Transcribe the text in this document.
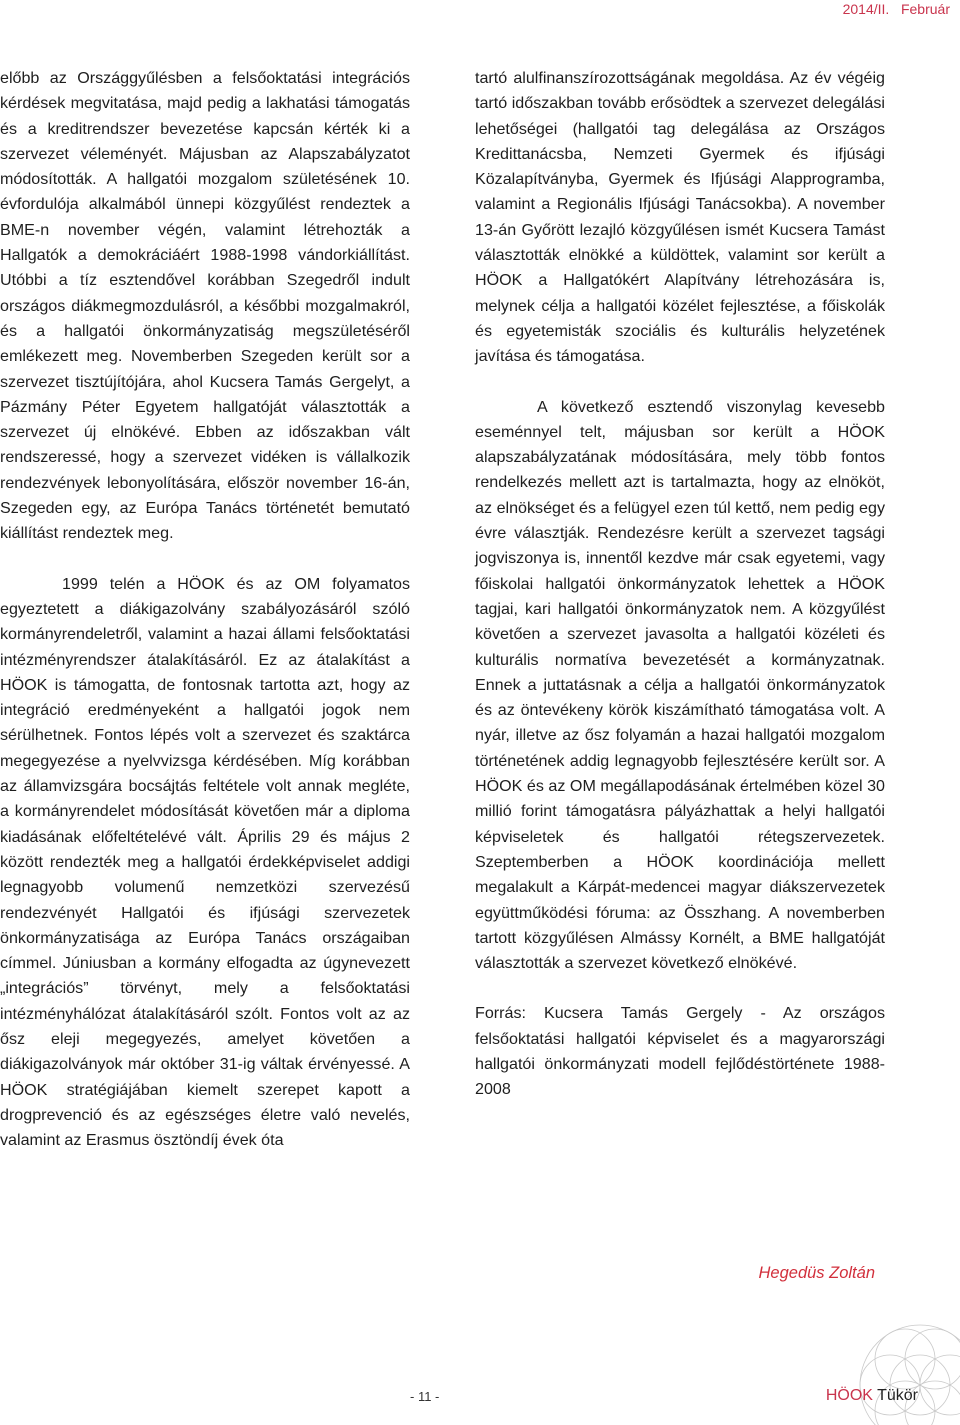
2014/II. Február

előbb az Országgyűlésben a felsőoktatási integrációs kérdések megvitatása, majd pedig a lakhatási támogatás és a kreditrendszer bevezetése kapcsán kérték ki a szervezet véleményét. Májusban az Alapszabályzatot módosították. A hallgatói mozgalom születésének 10. évfordulója alkalmából ünnepi közgyűlést rendeztek a BME-n november végén, valamint létrehozták a Hallgatók a demokráciáért 1988-1998 vándorkiállítást. Utóbbi a tíz esztendővel korábban Szegedről indult országos diákmegmozdulásról, a későbbi mozgalmakról, és a hallgatói önkormányzatiság megszületéséről emlékezett meg. Novemberben Szegeden került sor a szervezet tisztújítójára, ahol Kucsera Tamás Gergelyt, a Pázmány Péter Egyetem hallgatóját választották a szervezet új elnökévé. Ebben az időszakban vált rendszeressé, hogy a szervezet vidéken is vállalkozik rendezvények lebonyolítására, először november 16-án, Szegeden egy, az Európa Tanács történetét bemutató kiállítást rendeztek meg.

1999 telén a HÖOK és az OM folyamatos egyeztetett a diákigazolvány szabályozásáról szóló kormányrendeletről, valamint a hazai állami felsőoktatási intézményrendszer átalakításáról. Ez az átalakítást a HÖOK is támogatta, de fontosnak tartotta azt, hogy az integráció eredményeként a hallgatói jogok nem sérülhetnek. Fontos lépés volt a szervezet és szaktárca megegyezése a nyelvvizsga kérdésében. Míg korábban az államvizsgára bocsájtás feltétele volt annak megléte, a kormányrendelet módosítását követően már a diploma kiadásának előfeltételévé vált. Április 29 és május 2 között rendezték meg a hallgatói érdekképviselet addigi legnagyobb volumenű nemzetközi szervezésű rendezvényét Hallgatói és ifjúsági szervezetek önkormányzatisága az Európa Tanács országaiban címmel. Júniusban a kormány elfogadta az úgynevezett „integrációs” törvényt, mely a felsőoktatási intézményhálózat átalakításáról szólt. Fontos volt az az ősz eleji megegyezés, amelyet követően a diákigazolványok már október 31-ig váltak érvényessé. A HÖOK stratégiájában kiemelt szerepet kapott a drogprevenció és az egészséges életre való nevelés, valamint az Erasmus ösztöndíj évek óta

tartó alulfinanszírozottságának megoldása. Az év végéig tartó időszakban tovább erősödtek a szervezet delegálási lehetőségei (hallgatói tag delegálása az Országos Kredittanácsba, Nemzeti Gyermek és ifjúsági Közalapítványba, Gyermek és Ifjúsági Alapprogramba, valamint a Regionális Ifjúsági Tanácsokba). A november 13-án Győrött lezajló közgyűlésen ismét Kucsera Tamást választották elnökké a küldöttek, valamint sor került a HÖOK a Hallgatókért Alapítvány létrehozására is, melynek célja a hallgatói közélet fejlesztése, a főiskolák és egyetemisták szociális és kulturális helyzetének javítása és támogatása.

A következő esztendő viszonylag kevesebb eseménnyel telt, májusban sor került a HÖOK alapszabályzatának módosítására, mely több fontos rendelkezés mellett azt is tartalmazta, hogy az elnököt, az elnökséget és a felügyel ezen túl kettő, nem pedig egy évre választják. Rendezésre került a szervezet tagsági jogviszonya is, innentől kezdve már csak egyetemi, vagy főiskolai hallgatói önkormányzatok lehettek a HÖOK tagjai, kari hallgatói önkormányzatok nem. A közgyűlést követően a szervezet javasolta a hallgatói közéleti és kulturális normatíva bevezetését a kormányzatnak. Ennek a juttatásnak a célja a hallgatói önkormányzatok és az öntevékeny körök kiszámítható támogatása volt. A nyár, illetve az ősz folyamán a hazai hallgatói mozgalom történetének addig legnagyobb fejlesztésére került sor. A HÖOK és az OM megállapodásának értelmében közel 30 millió forint támogatásra pályázhattak a helyi hallgatói képviseletek és hallgatói rétegszervezetek. Szeptemberben a HÖOK koordinációja mellett megalakult a Kárpát-medencei magyar diákszervezetek együttműködési fóruma: az Összhang. A novemberben tartott közgyűlésen Almássy Kornélt, a BME hallgatóját választották a szervezet következő elnökévé.

Forrás: Kucsera Tamás Gergely - Az országos felsőoktatási hallgatói képviselet és a magyarországi hallgatói önkormányzati modell fejlődéstörténete 1988-2008

Hegedüs Zoltán
- 11 -	HÖOK Tükör
